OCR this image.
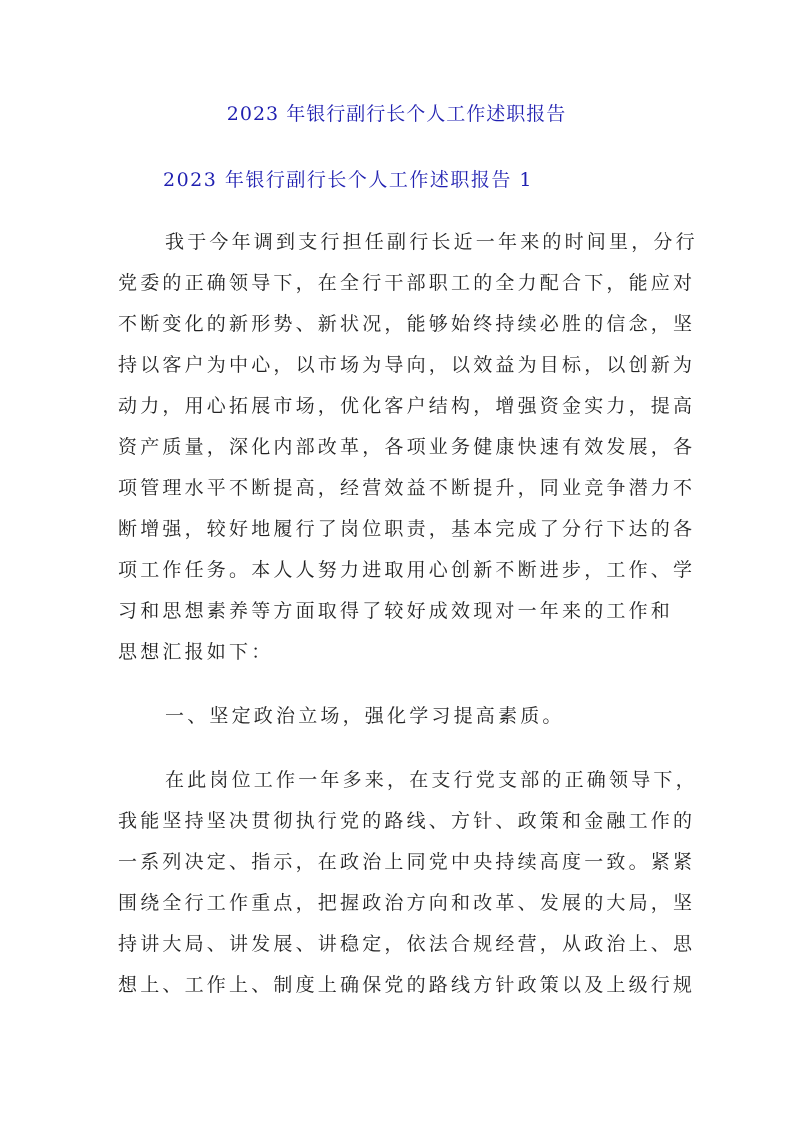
2023 年银行副行长个人工作述职报告
2023 年银行副行长个人工作述职报告 1
我于今年调到支行担任副行长近一年来的时间里，分行
党委的正确领导下，在全行干部职工的全力配合下，能应对
不断变化的新形势、新状况，能够始终持续必胜的信念，坚
持以客户为中心，以市场为导向，以效益为目标，以创新为
动力，用心拓展市场，优化客户结构，增强资金实力，提高
资产质量，深化内部改革，各项业务健康快速有效发展，各
项管理水平不断提高，经营效益不断提升，同业竞争潜力不
断增强，较好地履行了岗位职责，基本完成了分行下达的各
项工作任务。本人人努力进取用心创新不断进步，工作、学
习和思想素养等方面取得了较好成效现对一年来的工作和
思想汇报如下：
一、坚定政治立场，强化学习提高素质。
在此岗位工作一年多来，在支行党支部的正确领导下，
我能坚持坚决贯彻执行党的路线、方针、政策和金融工作的
一系列决定、指示，在政治上同党中央持续高度一致。紧紧
围绕全行工作重点，把握政治方向和改革、发展的大局，坚
持讲大局、讲发展、讲稳定，依法合规经营，从政治上、思
想上、工作上、制度上确保党的路线方针政策以及上级行规
